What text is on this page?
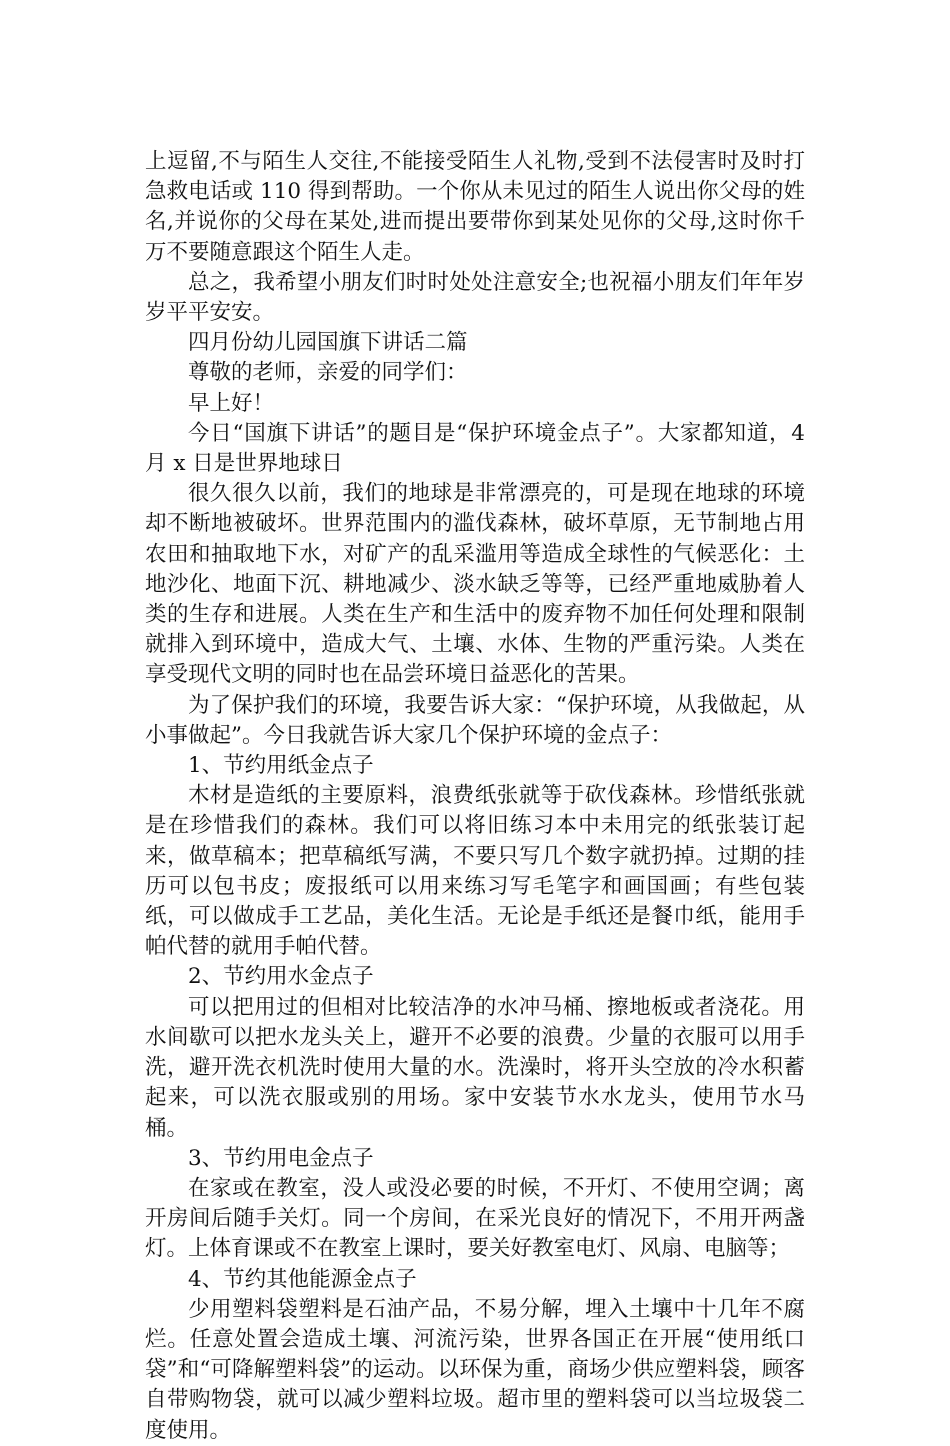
上逗留,不与陌生人交往,不能接受陌生人礼物,受到不法侵害时及时打急救电话或 110 得到帮助。一个你从未见过的陌生人说出你父母的姓名,并说你的父母在某处,进而提出要带你到某处见你的父母,这时你千万不要随意跟这个陌生人走。

总之，我希望小朋友们时时处处注意安全;也祝福小朋友们年年岁岁平平安安。

四月份幼儿园国旗下讲话二篇

尊敬的老师，亲爱的同学们：

早上好！

今日“国旗下讲话”的题目是“保护环境金点子”。大家都知道，4 月 x 日是世界地球日

很久很久以前，我们的地球是非常漂亮的，可是现在地球的环境却不断地被破坏。世界范围内的滥伐森林，破坏草原，无节制地占用农田和抽取地下水，对矿产的乱采滥用等造成全球性的气候恶化：土地沙化、地面下沉、耕地减少、淡水缺乏等等，已经严重地威胁着人类的生存和进展。人类在生产和生活中的废弃物不加任何处理和限制就排入到环境中，造成大气、土壤、水体、生物的严重污染。人类在享受现代文明的同时也在品尝环境日益恶化的苦果。

为了保护我们的环境，我要告诉大家：“保护环境，从我做起，从小事做起”。今日我就告诉大家几个保护环境的金点子：

1、节约用纸金点子

木材是造纸的主要原料，浪费纸张就等于砍伐森林。珍惜纸张就是在珍惜我们的森林。我们可以将旧练习本中未用完的纸张装订起来，做草稿本；把草稿纸写满，不要只写几个数字就扔掉。过期的挂历可以包书皮；废报纸可以用来练习写毛笔字和画国画；有些包装纸，可以做成手工艺品，美化生活。无论是手纸还是餐巾纸，能用手帕代替的就用手帕代替。

2、节约用水金点子

可以把用过的但相对比较洁净的水冲马桶、擦地板或者浇花。用水间歇可以把水龙头关上，避开不必要的浪费。少量的衣服可以用手洗，避开洗衣机洗时使用大量的水。洗澡时，将开头空放的冷水积蓄起来，可以洗衣服或别的用场。家中安装节水水龙头，使用节水马桶。

3、节约用电金点子

在家或在教室，没人或没必要的时候，不开灯、不使用空调；离开房间后随手关灯。同一个房间，在采光良好的情况下，不用开两盏灯。上体育课或不在教室上课时，要关好教室电灯、风扇、电脑等；

4、节约其他能源金点子

少用塑料袋塑料是石油产品，不易分解，埋入土壤中十几年不腐烂。任意处置会造成土壤、河流污染，世界各国正在开展“使用纸口袋”和“可降解塑料袋”的运动。以环保为重，商场少供应塑料袋，顾客自带购物袋，就可以减少塑料垃圾。超市里的塑料袋可以当垃圾袋二度使用。
